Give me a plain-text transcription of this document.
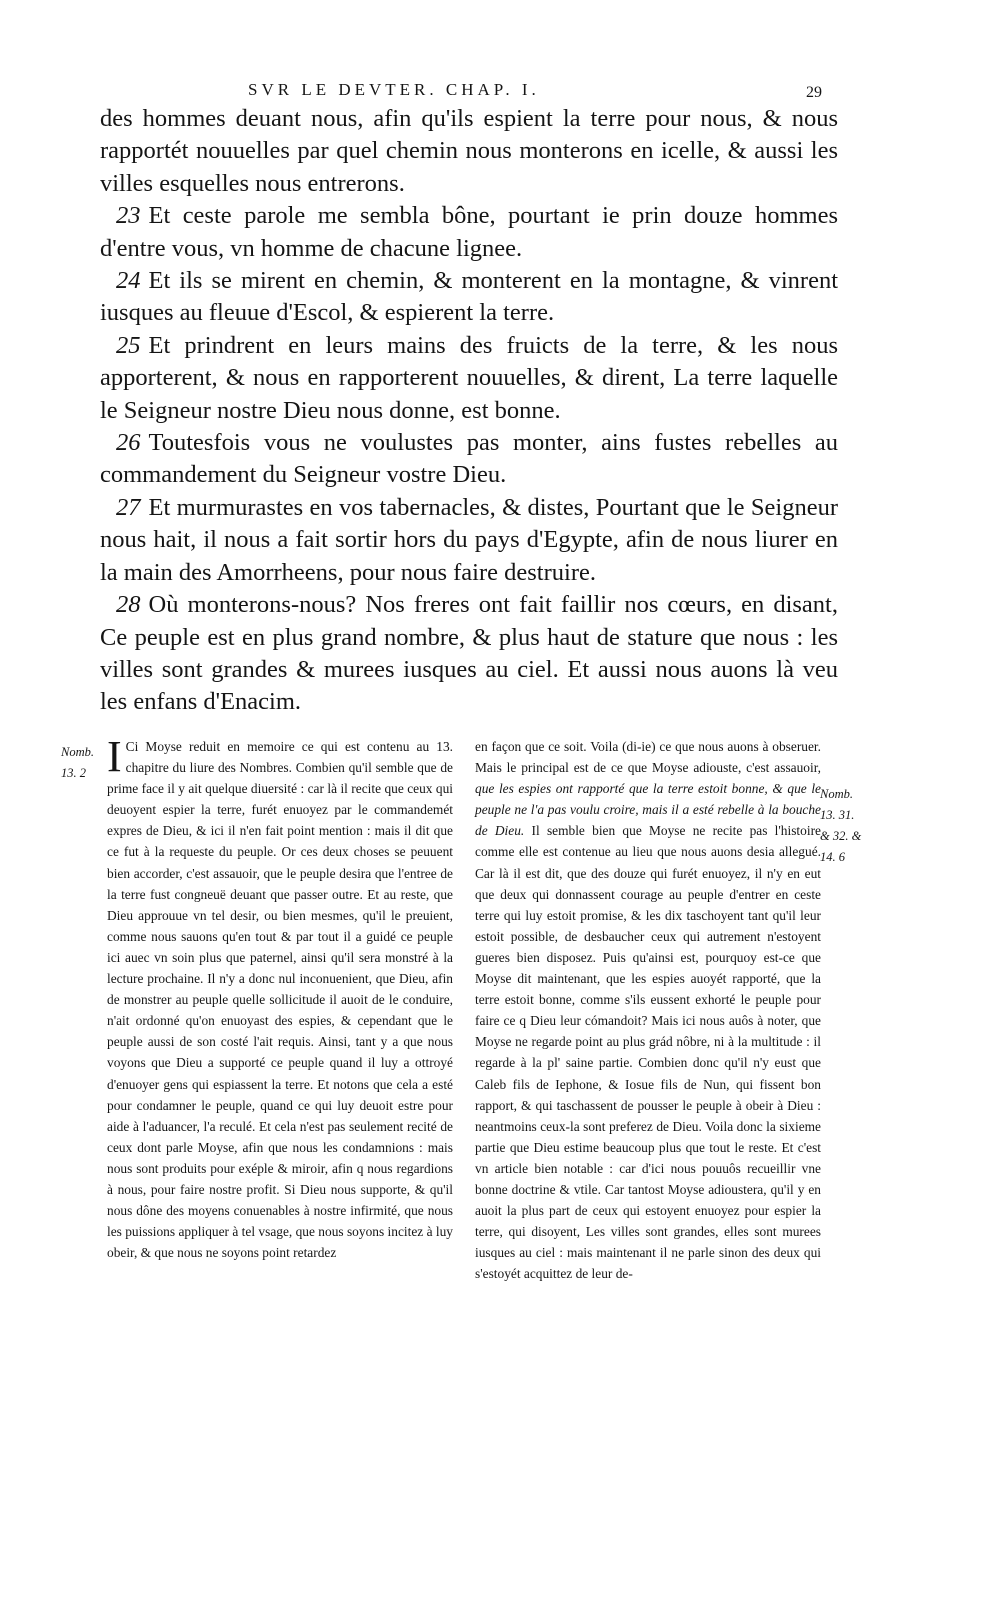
SVR LE DEVTER. CHAP. I.	29

des hommes deuant nous, afin qu'ils espient la terre pour nous, & nous rapportét nouuelles par quel chemin nous monterons en icelle, & aussi les villes esquelles nous entrerons.

23 Et ceste parole me sembla bône, pourtant ie prin douze hommes d'entre vous, vn homme de chacune lignee.

24 Et ils se mirent en chemin, & monterent en la montagne, & vinrent iusques au fleuue d'Escol, & espierent la terre.

25 Et prindrent en leurs mains des fruicts de la terre, & les nous apporterent, & nous en rapporterent nouuelles, & dirent, La terre laquelle le Seigneur nostre Dieu nous donne, est bonne.

26 Toutesfois vous ne voulustes pas monter, ains fustes rebelles au commandement du Seigneur vostre Dieu.

27 Et murmurastes en vos tabernacles, & distes, Pourtant que le Seigneur nous hait, il nous a fait sortir hors du pays d'Egypte, afin de nous liurer en la main des Amorrheens, pour nous faire destruire.

28 Où monterons-nous? Nos freres ont fait faillir nos cœurs, en disant, Ce peuple est en plus grand nombre, & plus haut de stature que nous : les villes sont grandes & murees iusques au ciel. Et aussi nous auons là veu les enfans d'Enacim.

Nomb. 13. 2 I Ci Moyse reduit en memoire ce qui est contenu au 13. chapitre du liure des Nombres. Combien qu'il semble que de prime face il y ait quelque diuersité : car là il recite que ceux qui deuoyent espier la terre, furét enuoyez par le commandemét expres de Dieu, & ici il n'en fait point mention : mais il dit que ce fut à la requeste du peuple. Or ces deux choses se peuuent bien accorder, c'est assauoir, que le peuple desira que l'entree de la terre fust congneuë deuant que passer outre. Et au reste, que Dieu approuue vn tel desir, ou bien mesmes, qu'il le preuient, comme nous sauons qu'en tout & par tout il a guidé ce peuple ici auec vn soin plus que paternel, ainsi qu'il sera monstré à la lecture prochaine. Il n'y a donc nul inconuenient, que Dieu, afin de monstrer au peuple quelle sollicitude il auoit de le conduire, n'ait ordonné qu'on enuoyast des espies, & cependant que le peuple aussi de son costé l'ait requis. Ainsi, tant y a que nous voyons que Dieu a supporté ce peuple quand il luy a ottroyé d'enuoyer gens qui espiassent la terre. Et notons que cela a esté pour condamner le peuple, quand ce qui luy deuoit estre pour aide à l'aduancer, l'a reculé. Et cela n'est pas seulement recité de ceux dont parle Moyse, afin que nous les condamnions : mais nous sont produits pour exéple & miroir, afin q nous regardions à nous, pour faire nostre profit. Si Dieu nous supporte, & qu'il nous dône des moyens conuenables à nostre infirmité, que nous les puissions appliquer à tel vsage, que nous soyons incitez à luy obeir, & que nous ne soyons point retardez

en façon que ce soit. Voila (di-ie) ce que nous auons à obseruer. Mais le principal est de ce que Moyse adiouste, c'est assauoir, que les espies ont rapporté que la terre estoit bonne, & que le peuple ne l'a pas voulu croire, mais il a esté rebelle à la bouche de Dieu. Il semble bien que Moyse ne recite pas l'histoire comme elle est contenue au lieu que nous auons desia allegué. Car là il est dit, que des douze qui furét enuoyez, il n'y en eut que deux qui donnassent courage au peuple d'entrer en ceste terre qui luy estoit promise, & les dix taschoyent tant qu'il leur estoit possible, de desbaucher ceux qui autrement n'estoyent gueres bien disposez. Puis qu'ainsi est, pourquoy est-ce que Moyse dit maintenant, que les espies auoyét rapporté, que la terre estoit bonne, comme s'ils eussent exhorté le peuple pour faire ce q Dieu leur cómandoit? Mais ici nous auôs à noter, que Moyse ne regarde point au plus grád nôbre, ni à la multitude : il regarde à la pl' saine partie. Combien donc qu'il n'y eust que Caleb fils de Iephone, & Iosue fils de Nun, qui fissent bon rapport, & qui taschassent de pousser le peuple à obeir à Dieu : neantmoins ceux-la sont preferez de Dieu. Voila donc la sixieme partie que Dieu estime beaucoup plus que tout le reste. Et c'est vn article bien notable : car d'ici nous pouuôs recueillir vne bonne doctrine & vtile. Car tantost Moyse adioustera, qu'il y en auoit la plus part de ceux qui estoyent enuoyez pour espier la terre, qui disoyent, Les villes sont grandes, elles sont murees iusques au ciel : mais maintenant il ne parle sinon des deux qui s'estoyét acquittez de leur de-

Nomb. 13. 31. & 32. & 14. 6
